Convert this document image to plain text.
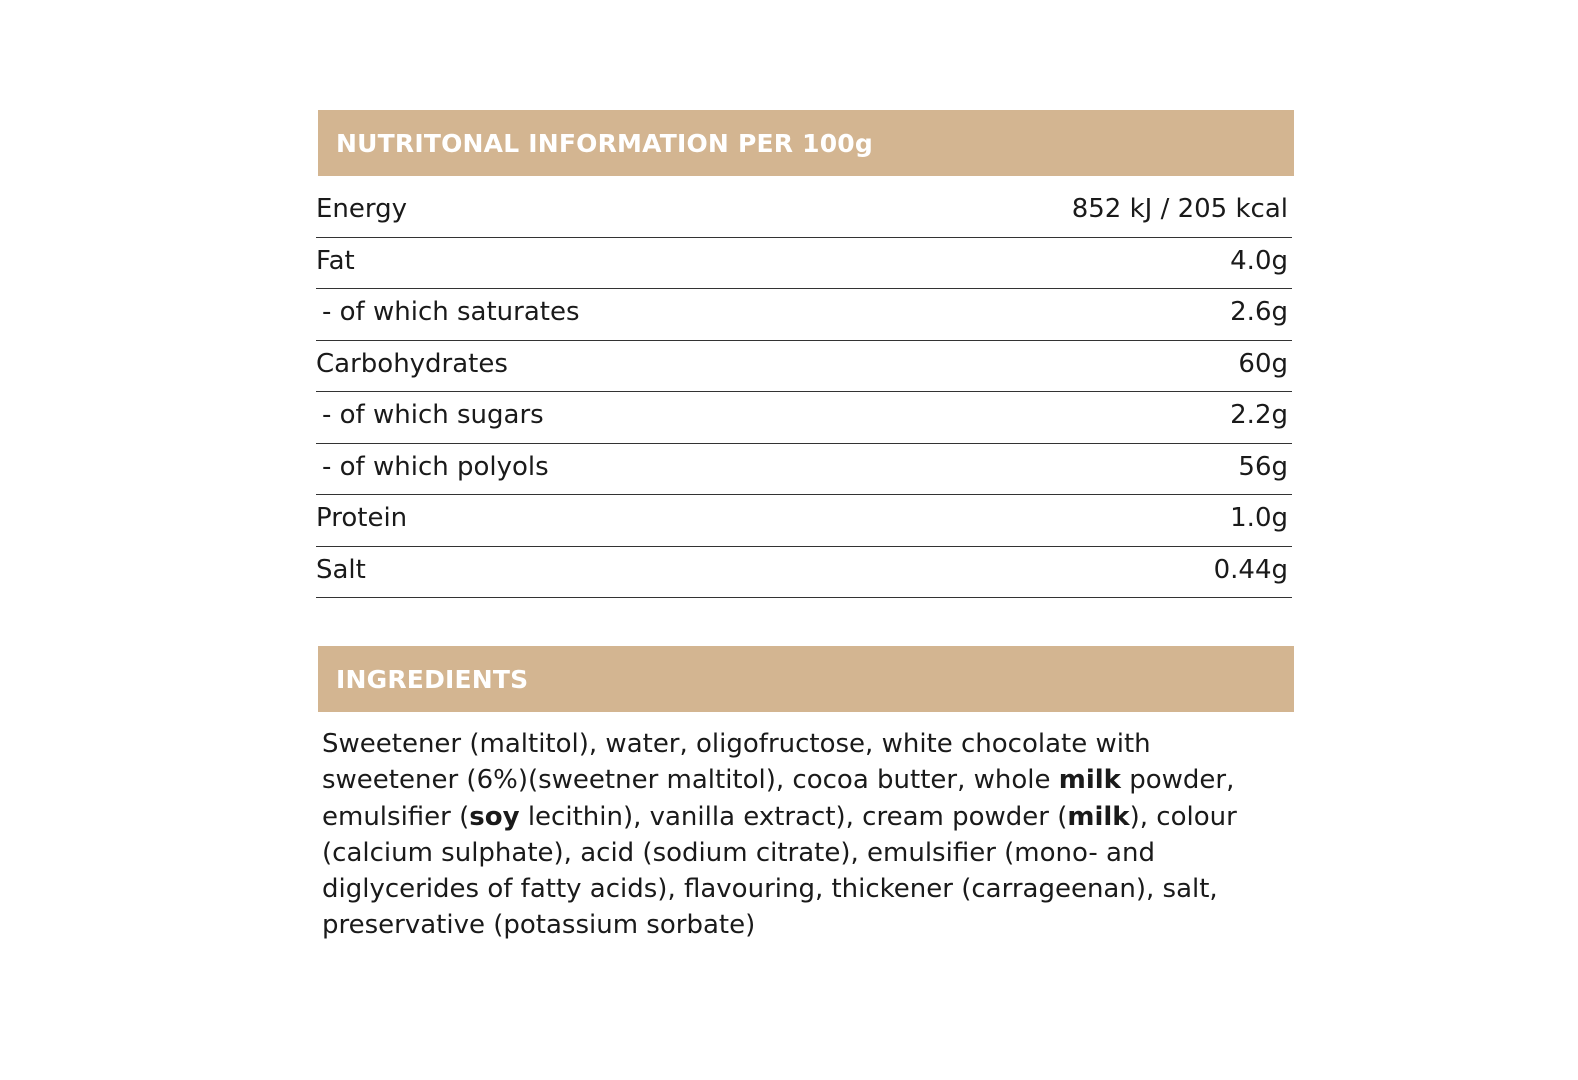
NUTRITONAL INFORMATION PER 100g
Energy	852 kJ / 205 kcal
Fat	4.0g
- of which saturates	2.6g
Carbohydrates	60g
- of which sugars	2.2g
- of which polyols	56g
Protein	1.0g
Salt	0.44g
INGREDIENTS

Sweetener (maltitol), water, oligofructose, white chocolate with sweetener (6%)(sweetner maltitol), cocoa butter, whole milk powder, emulsifier (soy lecithin), vanilla extract), cream powder (milk), colour (calcium sulphate), acid (sodium citrate), emulsifier (mono- and diglycerides of fatty acids), flavouring, thickener (carrageenan), salt, preservative (potassium sorbate)
